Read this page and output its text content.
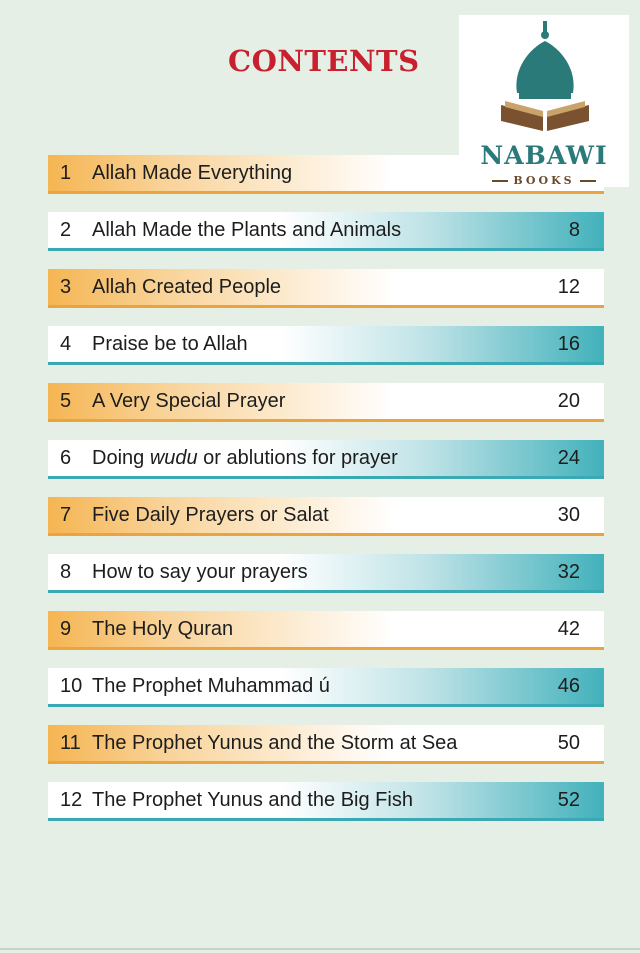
CONTENTS
NABAWI
BOOKS
1	Allah Made Everything
2	Allah Made the Plants and Animals	8
3	Allah Created People	12
4	Praise be to Allah	16
5	A Very Special Prayer	20
6	Doing wudu or ablutions for prayer	24
7	Five Daily Prayers or Salat	30
8	How to say your prayers	32
9	The Holy Quran	42
10 The Prophet Muhammad ú	46
11 The Prophet Yunus and the Storm at Sea	50
12 The Prophet Yunus and the Big Fish	52
